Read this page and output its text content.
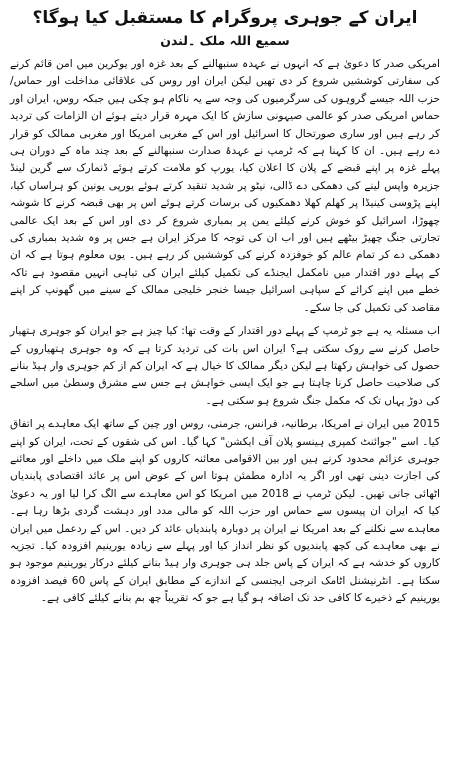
ایران کے جوہری پروگرام کا مستقبل کیا ہوگا؟
سمیع اللہ ملک ۔لندن

امریکی صدر کا دعویٰ ہے کہ انہوں نے عہدہ سنبھالنے کے بعد غزہ اور یوکرین میں امن قائم کرنے کی سفارتی کوششیں شروع کر دی تھیں لیکن ایران اور روس کی علاقائی مداخلت اور حماس/حزب اللہ جیسے گروہوں کی سرگرمیوں کی وجہ سے یہ ناکام ہو چکی ہیں جبکہ روس، ایران اور حماس امریکی صدر کو عالمی صیہونی سازش کا ایک مہرہ قرار دیتے ہوئے ان الزامات کی تردید کر رہے ہیں اور ساری صورتحال کا اسرائیل اور اس کے مغربی امریکا اور مغربی ممالک کو قرار دے رہے ہیں۔ ان کا کہنا ہے کہ ٹرمپ نے عہدۂ صدارت سنبھالنے کے بعد چند ماہ کے دوران ہی پہلے غزہ پر اپنے قبضے کے پلان کا اعلان کیا، یورپ کو ملامت کرتے ہوئے ڈنمارک سے گرین لینڈ جزیرہ واپس لینے کی دھمکی دے ڈالی، نیٹو پر شدید تنقید کرتے ہوئے یورپی یونین کو ہراساں کیا، اپنے پڑوسی کینیڈا پر کھلم کھلا دھمکیوں کی برسات کرتے ہوئے اس پر بھی قبضہ کرنے کا شوشہ چھوڑا، اسرائیل کو خوش کرنے کیلئے یمن پر بمباری شروع کر دی اور اس کے بعد ایک عالمی تجارتی جنگ چھیڑ بیٹھے ہیں اور اب ان کی توجہ کا مرکز ایران ہے جس پر وہ شدید بمباری کی دھمکی دے کر تمام عالم کو خوفزدہ کرنے کی کوششیں کر رہے ہیں۔ یوں معلوم ہوتا ہے کہ ان کے پہلے دور اقتدار میں نامکمل ایجنڈے کی تکمیل کیلئے ایران کی تباہی انہیں مقصود ہے تاکہ خطے میں اپنے کرائے کے سپاہی اسرائیل جیسا خنجر خلیجی ممالک کے سینے میں گھونپ کر اپنے مقاصد کی تکمیل کی جا سکے۔

اب مسئلہ یہ ہے جو ٹرمپ کے پہلے دور اقتدار کے وقت تھا: کیا چیز ہے جو ایران کو جوہری ہتھیار حاصل کرنے سے روک سکتی ہے؟ ایران اس بات کی تردید کرتا ہے کہ وہ جوہری ہتھیاروں کے حصول کی خواہش رکھتا ہے لیکن دیگر ممالک کا خیال ہے کہ ایران کم از کم جوہری وار ہیڈ بنانے کی صلاحیت حاصل کرنا چاہتا ہے جو ایک ایسی خواہش ہے جس سے مشرق وسطیٰ میں اسلحے کی دوڑ یہاں تک کہ مکمل جنگ شروع ہو سکتی ہے۔

2015 میں ایران نے امریکا، برطانیہ، فرانس، جرمنی، روس اور چین کے ساتھ ایک معاہدے پر اتفاق کیا۔ اسے "جوائنٹ کمپری ہینسو پلان آف ایکشن" کہا گیا۔ اس کی شقوں کے تحت، ایران کو اپنے جوہری عزائم محدود کرنے ہیں اور بین الاقوامی معائنہ کاروں کو اپنے ملک میں داخلے اور معائنے کی اجازت دینی تھی اور اگر یہ ادارہ مطمئن ہوتا اس کے عوض اس پر عائد اقتصادی پابندیاں اٹھائی جانی تھیں۔ لیکن ٹرمپ نے 2018 میں امریکا کو اس معاہدے سے الگ کرا لیا اور یہ دعویٰ کیا کہ ایران ان پیسوں سے حماس اور حزب اللہ کو مالی مدد اور دہشت گردی بڑھا رہا ہے۔ معاہدے سے نکلنے کے بعد امریکا نے ایران پر دوبارہ پابندیاں عائد کر دیں۔ اس کے ردعمل میں ایران نے بھی معاہدے کی کچھ پابندیوں کو نظر انداز کیا اور پہلے سے زیادہ یورینیم افزودہ کیا۔ تجزیہ کاروں کو خدشہ ہے کہ ایران کے پاس جلد ہی جوہری وار ہیڈ بنانے کیلئے درکار یورینیم موجود ہو سکتا ہے۔ انٹرنیشنل اٹامک انرجی ایجنسی کے اندازے کے مطابق ایران کے پاس 60 فیصد افزودہ یورینیم کے ذخیرے کا کافی حد تک اضافہ ہو گیا ہے جو کہ تقریباً چھ بم بنانے کیلئے کافی ہے۔
